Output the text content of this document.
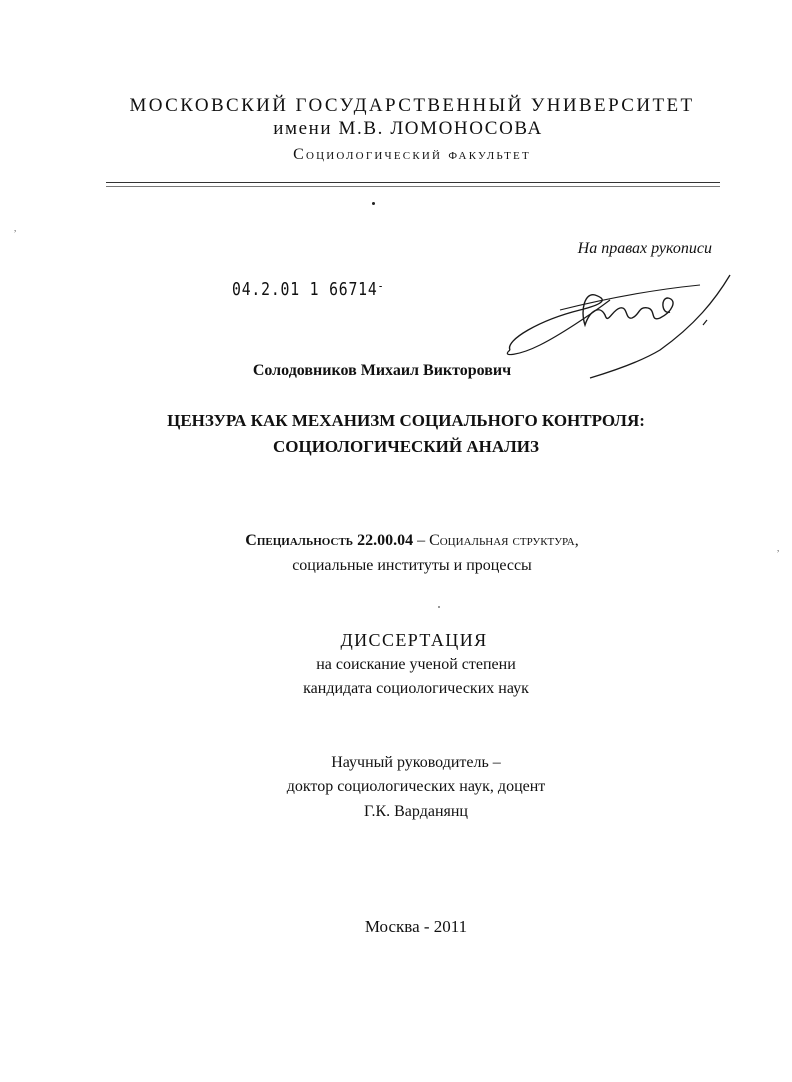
МОСКОВСКИЙ ГОСУДАРСТВЕННЫЙ УНИВЕРСИТЕТ
имени М.В. ЛОМОНОСОВА
Социологический факультет
,
,
На правах рукописи
04.2.01 1 66714-
Солодовников Михаил Викторович
ЦЕНЗУРА КАК МЕХАНИЗМ СОЦИАЛЬНОГО КОНТРОЛЯ:
СОЦИОЛОГИЧЕСКИЙ АНАЛИЗ
Специальность 22.00.04 – Социальная структура,
социальные институты и процессы
ДИССЕРТАЦИЯ
на соискание ученой степени
кандидата социологических наук
Научный руководитель –
доктор социологических наук, доцент
Г.К. Варданянц
Москва - 2011
